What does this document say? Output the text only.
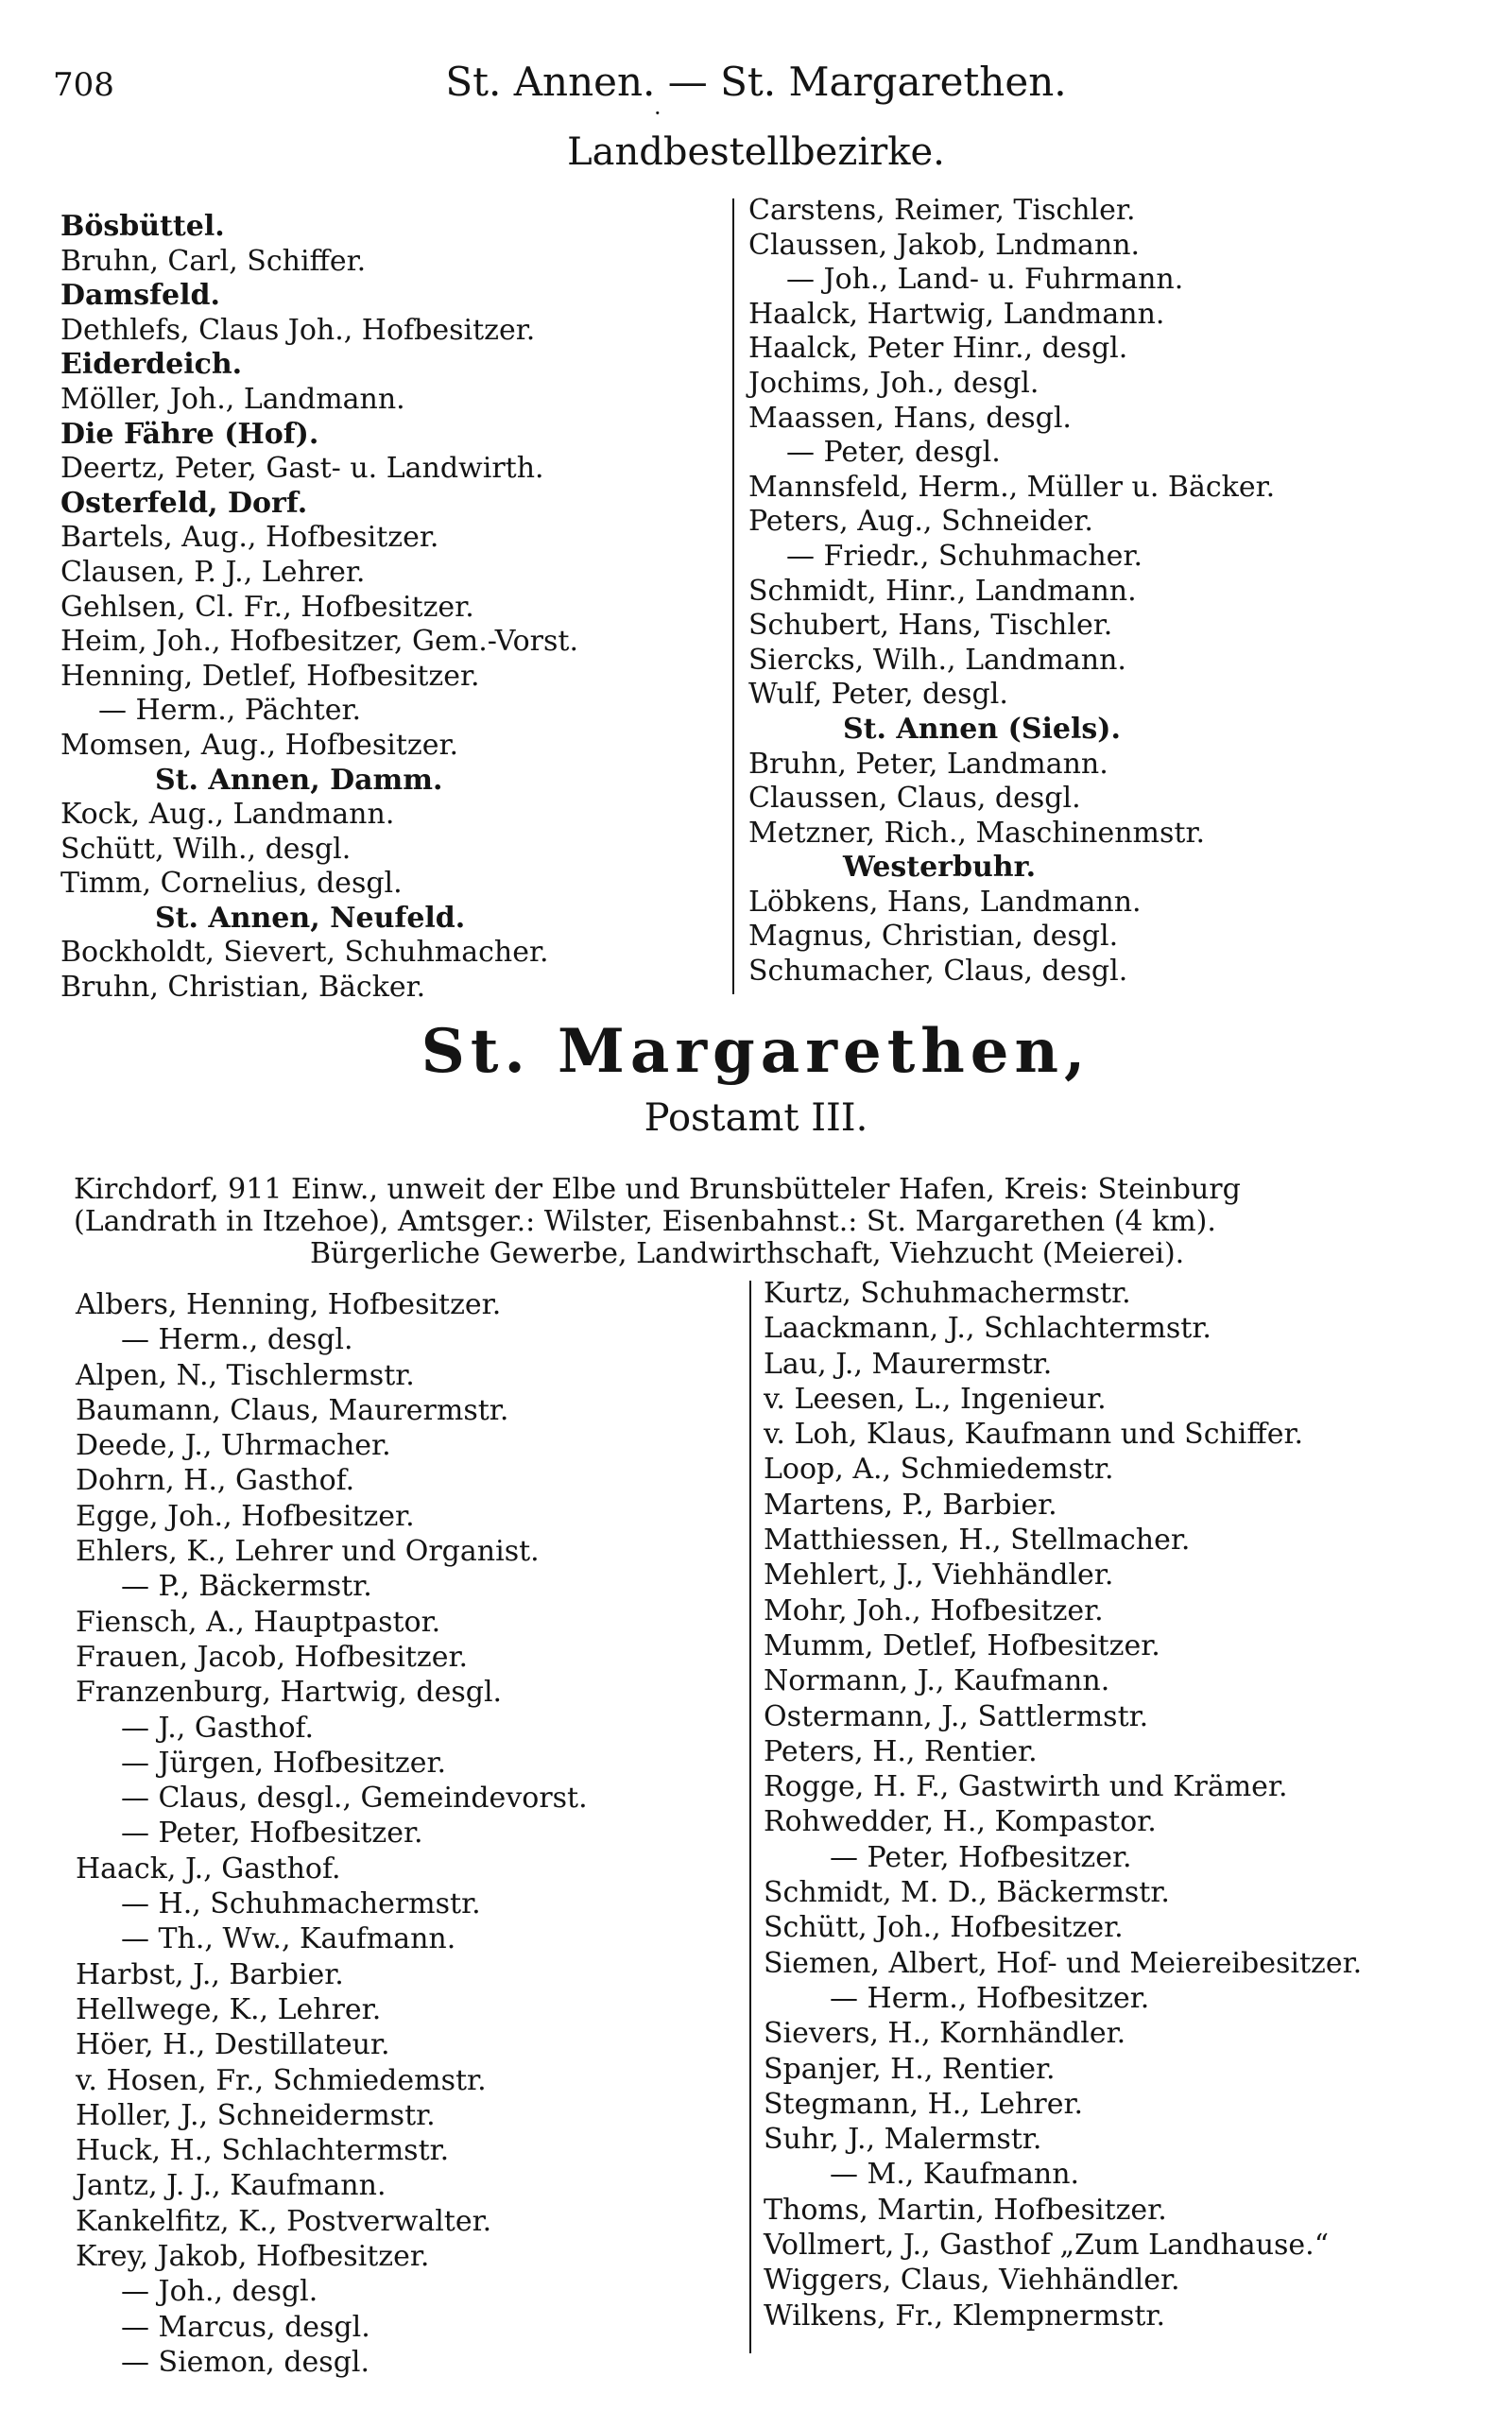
708	St. Annen. — St. Margarethen.
·
Landbestellbezirke.
Bösbüttel.
Bruhn, Carl, Schiffer.
Damsfeld.
Dethlefs, Claus Joh., Hofbesitzer.
Eiderdeich.
Möller, Joh., Landmann.
Die Fähre (Hof).
Deertz, Peter, Gast- u. Landwirth.
Osterfeld, Dorf.
Bartels, Aug., Hofbesitzer.
Clausen, P. J., Lehrer.
Gehlsen, Cl. Fr., Hofbesitzer.
Heim, Joh., Hofbesitzer, Gem.-Vorst.
Henning, Detlef, Hofbesitzer.
— Herm., Pächter.
Momsen, Aug., Hofbesitzer.
St. Annen, Damm.
Kock, Aug., Landmann.
Schütt, Wilh., desgl.
Timm, Cornelius, desgl.
St. Annen, Neufeld.
Bockholdt, Sievert, Schuhmacher.
Bruhn, Christian, Bäcker.
Carstens, Reimer, Tischler.
Claussen, Jakob, Lndmann.
— Joh., Land- u. Fuhrmann.
Haalck, Hartwig, Landmann.
Haalck, Peter Hinr., desgl.
Jochims, Joh., desgl.
Maassen, Hans, desgl.
— Peter, desgl.
Mannsfeld, Herm., Müller u. Bäcker.
Peters, Aug., Schneider.
— Friedr., Schuhmacher.
Schmidt, Hinr., Landmann.
Schubert, Hans, Tischler.
Siercks, Wilh., Landmann.
Wulf, Peter, desgl.
St. Annen (Siels).
Bruhn, Peter, Landmann.
Claussen, Claus, desgl.
Metzner, Rich., Maschinenmstr.
Westerbuhr.
Löbkens, Hans, Landmann.
Magnus, Christian, desgl.
Schumacher, Claus, desgl.
St. Margarethen,
Postamt III.
Kirchdorf, 911 Einw., unweit der Elbe und Brunsbütteler Hafen, Kreis: Steinburg
(Landrath in Itzehoe), Amtsger.: Wilster, Eisenbahnst.: St. Margarethen (4 km).
Bürgerliche Gewerbe, Landwirthschaft, Viehzucht (Meierei).
Albers, Henning, Hofbesitzer.
— Herm., desgl.
Alpen, N., Tischlermstr.
Baumann, Claus, Maurermstr.
Deede, J., Uhrmacher.
Dohrn, H., Gasthof.
Egge, Joh., Hofbesitzer.
Ehlers, K., Lehrer und Organist.
— P., Bäckermstr.
Fiensch, A., Hauptpastor.
Frauen, Jacob, Hofbesitzer.
Franzenburg, Hartwig, desgl.
— J., Gasthof.
— Jürgen, Hofbesitzer.
— Claus, desgl., Gemeindevorst.
— Peter, Hofbesitzer.
Haack, J., Gasthof.
— H., Schuhmachermstr.
— Th., Ww., Kaufmann.
Harbst, J., Barbier.
Hellwege, K., Lehrer.
Höer, H., Destillateur.
v. Hosen, Fr., Schmiedemstr.
Holler, J., Schneidermstr.
Huck, H., Schlachtermstr.
Jantz, J. J., Kaufmann.
Kankelfitz, K., Postverwalter.
Krey, Jakob, Hofbesitzer.
— Joh., desgl.
— Marcus, desgl.
— Siemon, desgl.
Kurtz, Schuhmachermstr.
Laackmann, J., Schlachtermstr.
Lau, J., Maurermstr.
v. Leesen, L., Ingenieur.
v. Loh, Klaus, Kaufmann und Schiffer.
Loop, A., Schmiedemstr.
Martens, P., Barbier.
Matthiessen, H., Stellmacher.
Mehlert, J., Viehhändler.
Mohr, Joh., Hofbesitzer.
Mumm, Detlef, Hofbesitzer.
Normann, J., Kaufmann.
Ostermann, J., Sattlermstr.
Peters, H., Rentier.
Rogge, H. F., Gastwirth und Krämer.
Rohwedder, H., Kompastor.
— Peter, Hofbesitzer.
Schmidt, M. D., Bäckermstr.
Schütt, Joh., Hofbesitzer.
Siemen, Albert, Hof- und Meiereibesitzer.
— Herm., Hofbesitzer.
Sievers, H., Kornhändler.
Spanjer, H., Rentier.
Stegmann, H., Lehrer.
Suhr, J., Malermstr.
— M., Kaufmann.
Thoms, Martin, Hofbesitzer.
Vollmert, J., Gasthof „Zum Landhause.“
Wiggers, Claus, Viehhändler.
Wilkens, Fr., Klempnermstr.
